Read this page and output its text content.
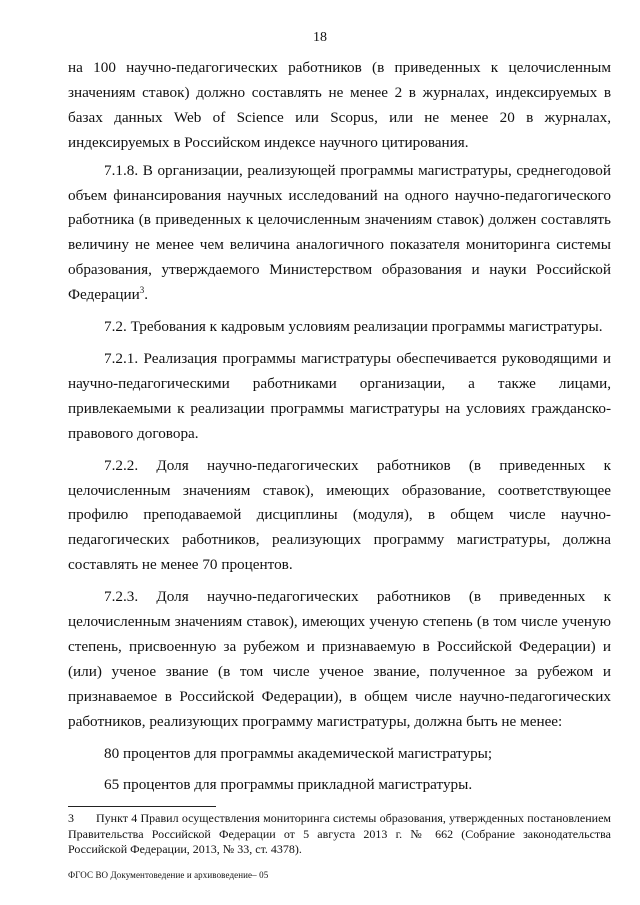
18

на 100 научно-педагогических работников (в приведенных к целочисленным значениям ставок) должно составлять не менее 2 в журналах, индексируемых в базах данных Web of Science или Scopus, или не менее 20 в журналах, индексируемых в Российском индексе научного цитирования.

7.1.8. В организации, реализующей программы магистратуры, среднегодовой объем финансирования научных исследований на одного научно-педагогического работника (в приведенных к целочисленным значениям ставок) должен составлять величину не менее чем величина аналогичного показателя мониторинга системы образования, утверждаемого Министерством образования и науки Российской Федерации$^3$.

7.2. Требования к кадровым условиям реализации программы магистратуры.

7.2.1. Реализация программы магистратуры обеспечивается руководящими и научно-педагогическими работниками организации, а также лицами, привлекаемыми к реализации программы магистратуры на условиях гражданско-правового договора.

7.2.2. Доля научно-педагогических работников (в приведенных к целочисленным значениям ставок), имеющих образование, соответствующее профилю преподаваемой дисциплины (модуля), в общем числе научно-педагогических работников, реализующих программу магистратуры, должна составлять не менее 70 процентов.

7.2.3. Доля научно-педагогических работников (в приведенных к целочисленным значениям ставок), имеющих ученую степень (в том числе ученую степень, присвоенную за рубежом и признаваемую в Российской Федерации) и (или) ученое звание (в том числе ученое звание, полученное за рубежом и признаваемое в Российской Федерации), в общем числе научно-педагогических работников, реализующих программу магистратуры, должна быть не менее:

80 процентов для программы академической магистратуры;

65 процентов для программы прикладной магистратуры.

3 Пункт 4 Правил осуществления мониторинга системы образования, утвержденных постановлением Правительства Российской Федерации от 5 августа 2013 г. № 662 (Собрание законодательства Российской Федерации, 2013, № 33, ст. 4378).
ФГОС ВО Документоведение и архивоведение– 05
